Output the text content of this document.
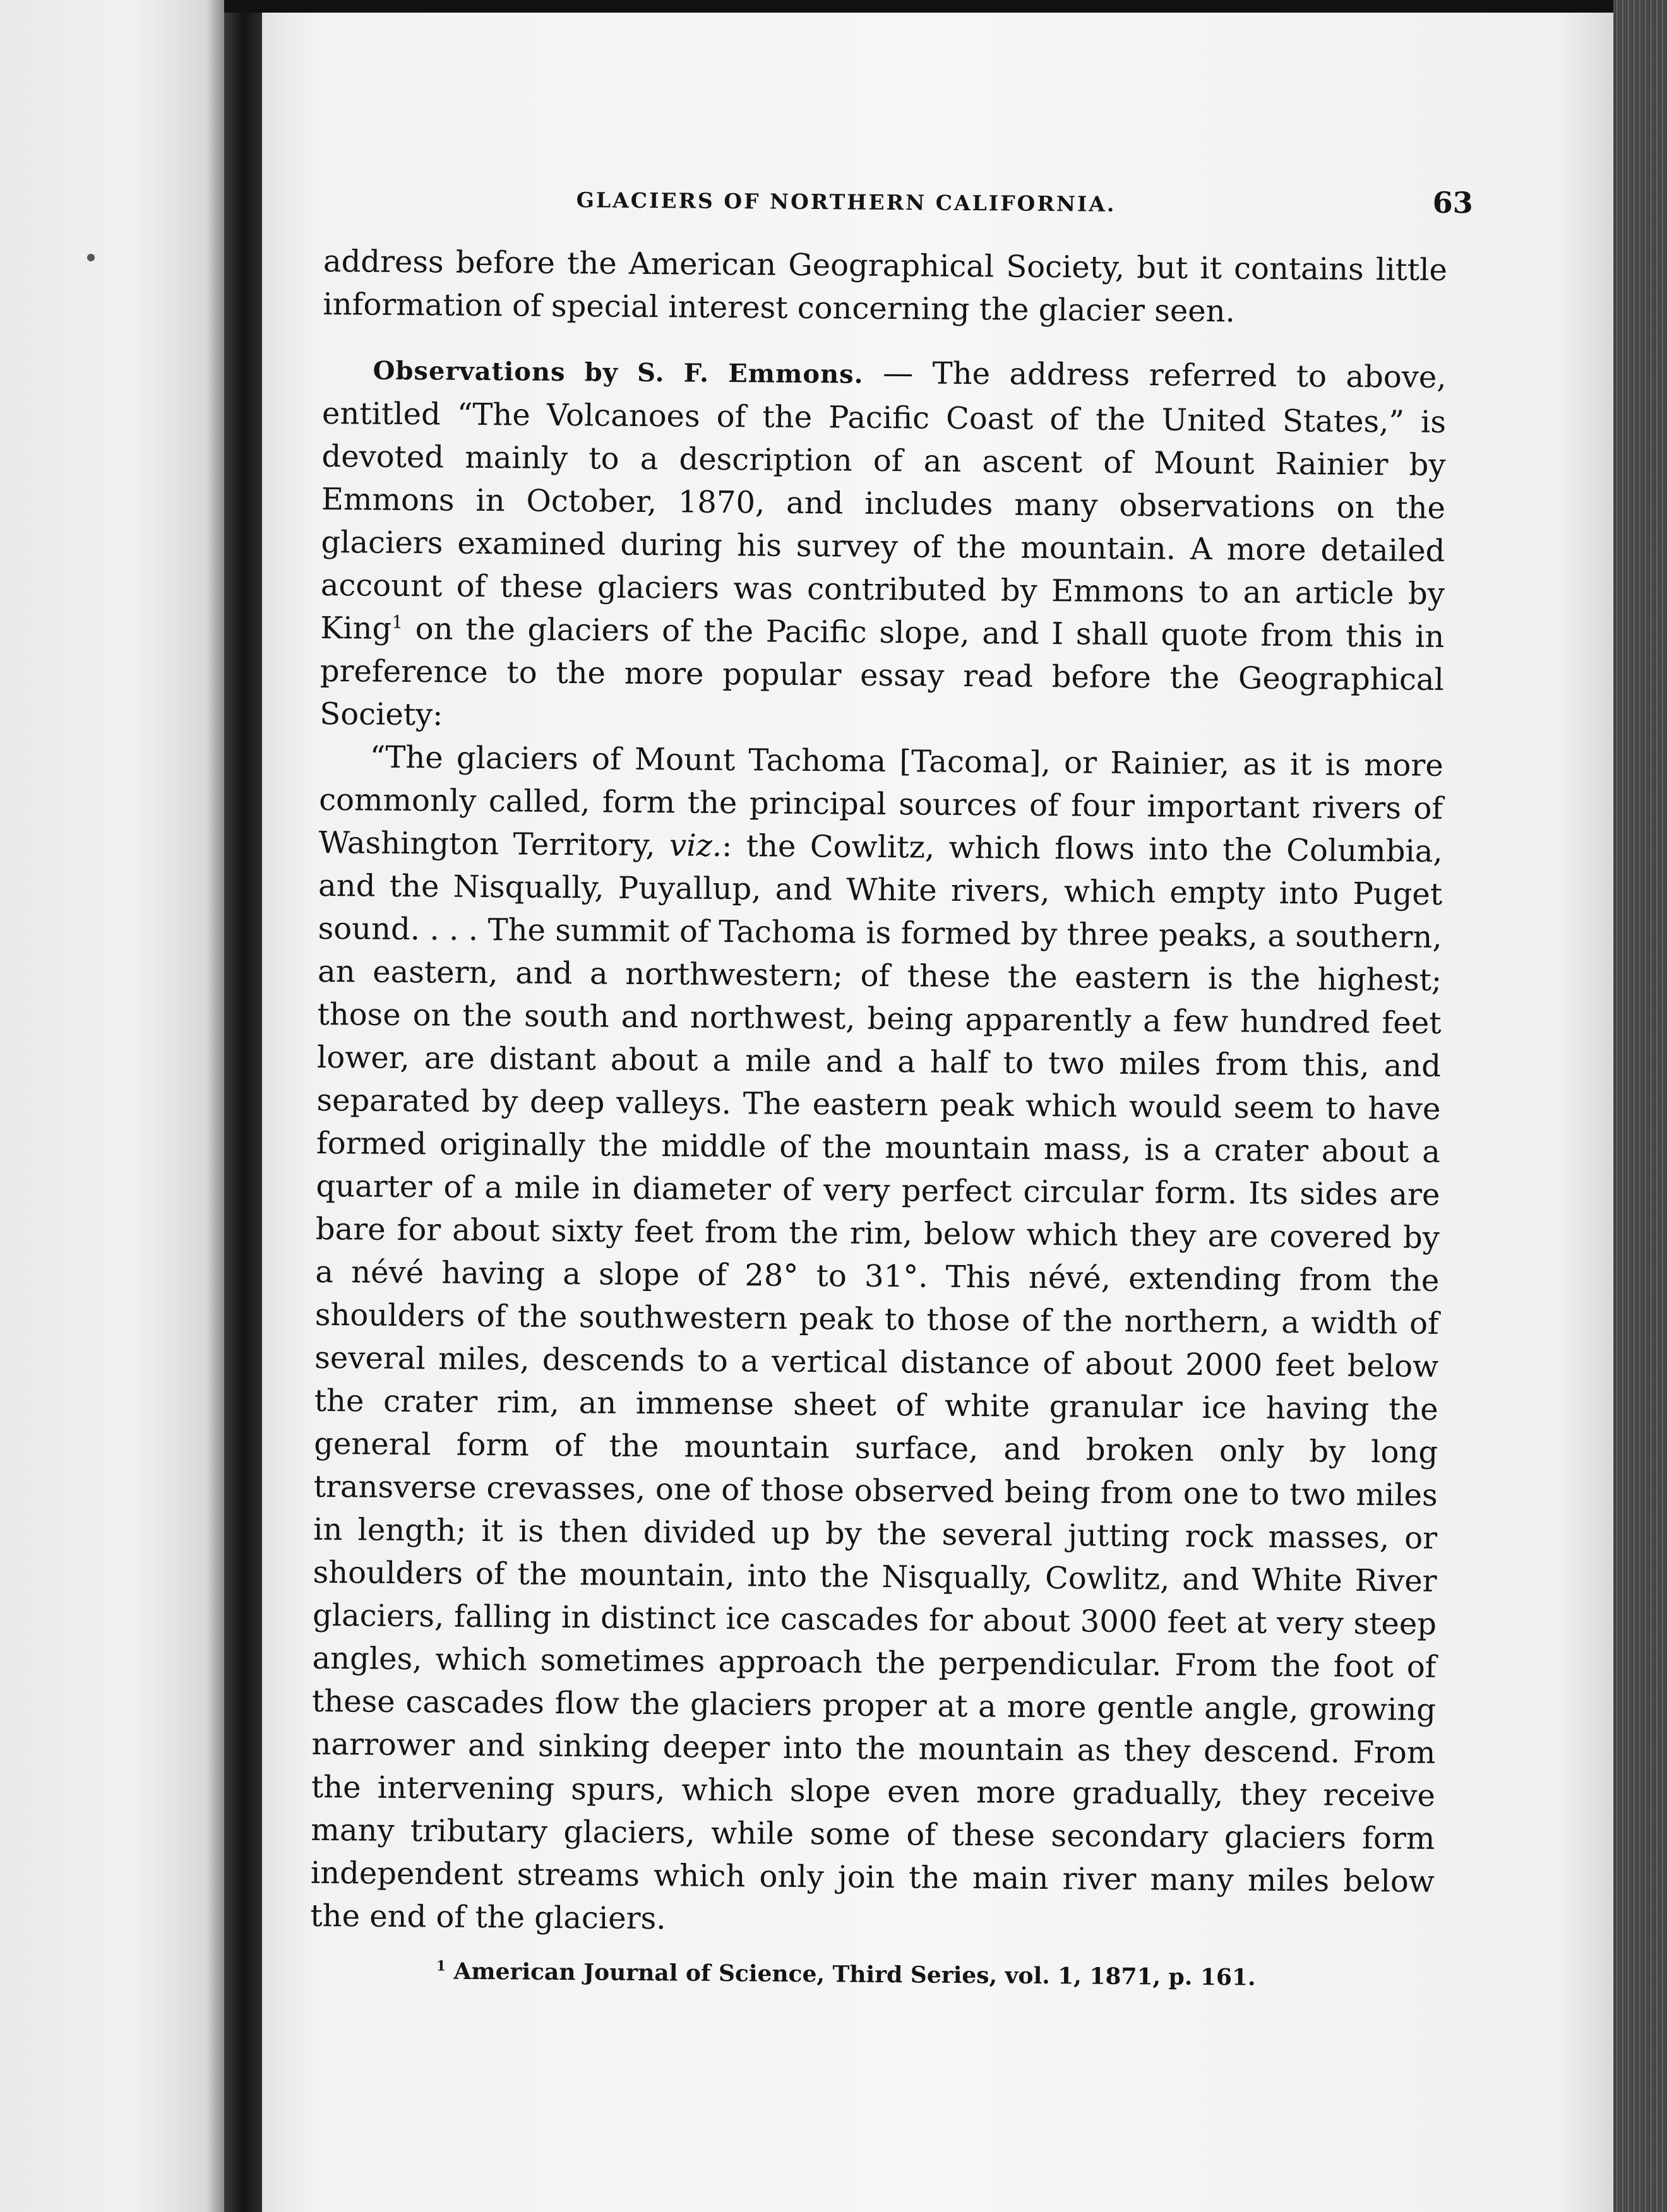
GLACIERS OF NORTHERN CALIFORNIA.	63

address before the American Geographical Society, but it contains little information of special interest concerning the glacier seen.

Observations by S. F. Emmons. — The address referred to above, entitled “The Volcanoes of the Pacific Coast of the United States,” is devoted mainly to a description of an ascent of Mount Rainier by Emmons in October, 1870, and includes many observations on the glaciers examined during his survey of the mountain. A more detailed account of these glaciers was contributed by Emmons to an article by King$^1$ on the glaciers of the Pacific slope, and I shall quote from this in preference to the more popular essay read before the Geographical Society:

“The glaciers of Mount Tachoma [Tacoma], or Rainier, as it is more commonly called, form the principal sources of four important rivers of Washington Territory, viz.: the Cowlitz, which flows into the Columbia, and the Nisqually, Puyallup, and White rivers, which empty into Puget sound. . . . The summit of Tachoma is formed by three peaks, a southern, an eastern, and a northwestern; of these the eastern is the highest; those on the south and northwest, being apparently a few hundred feet lower, are distant about a mile and a half to two miles from this, and separated by deep valleys. The eastern peak which would seem to have formed originally the middle of the mountain mass, is a crater about a quarter of a mile in diameter of very perfect circular form. Its sides are bare for about sixty feet from the rim, below which they are covered by a névé having a slope of 28° to 31°. This névé, extending from the shoulders of the southwestern peak to those of the northern, a width of several miles, descends to a vertical distance of about 2000 feet below the crater rim, an immense sheet of white granular ice having the general form of the mountain surface, and broken only by long transverse crevasses, one of those observed being from one to two miles in length; it is then divided up by the several jutting rock masses, or shoulders of the mountain, into the Nisqually, Cowlitz, and White River glaciers, falling in distinct ice cascades for about 3000 feet at very steep angles, which sometimes approach the perpendicular. From the foot of these cascades flow the glaciers proper at a more gentle angle, growing narrower and sinking deeper into the mountain as they descend. From the intervening spurs, which slope even more gradually, they receive many tributary glaciers, while some of these secondary glaciers form independent streams which only join the main river many miles below the end of the glaciers.

$^1$ American Journal of Science, Third Series, vol. 1, 1871, p. 161.
